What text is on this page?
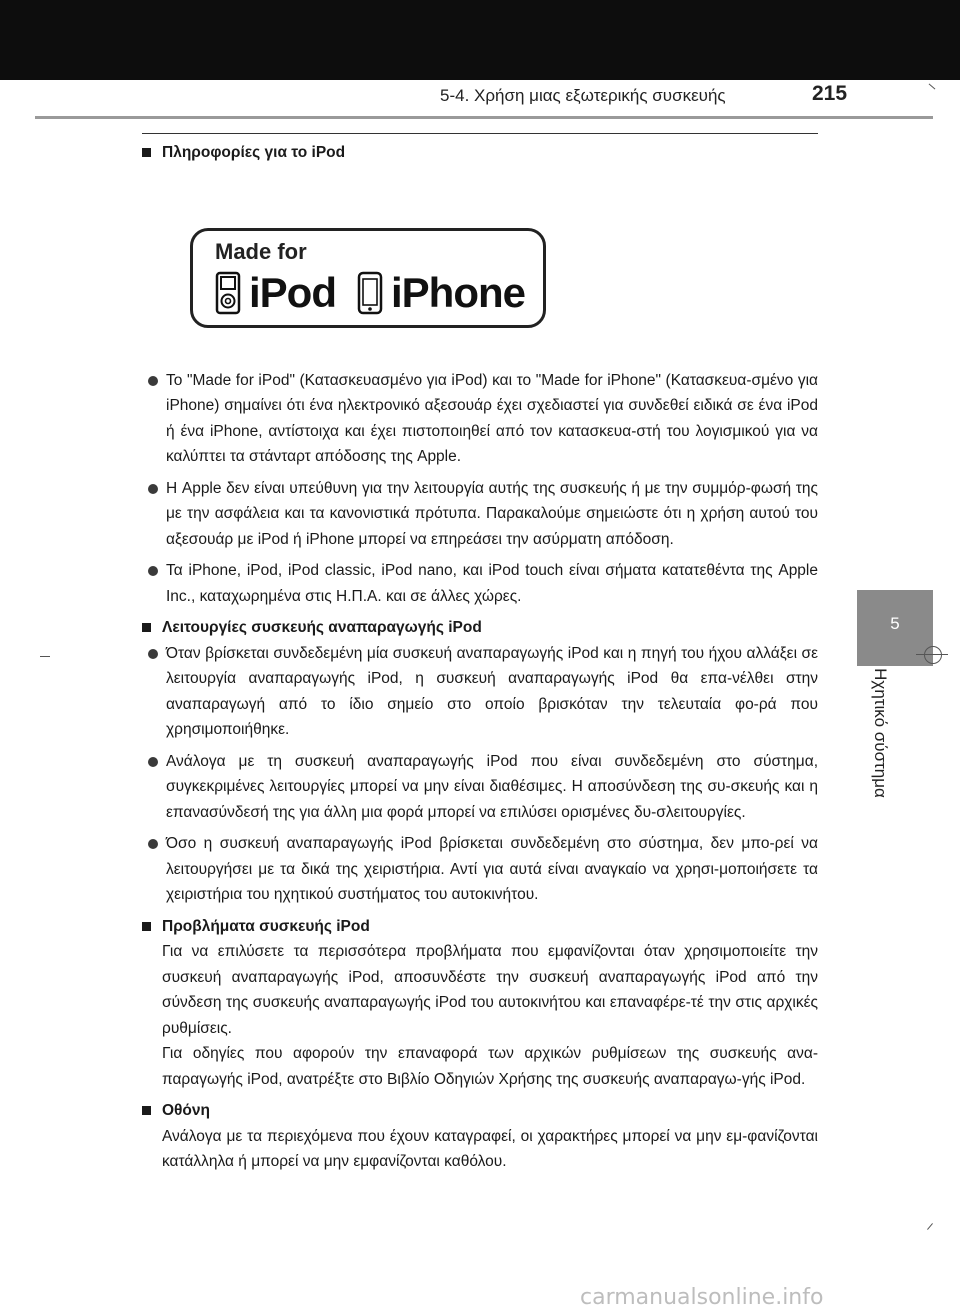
5-4. Χρήση μιας εξωτερικής συσκευής	215
5
Ηχητικό σύστημα
Made for
iPod iPhone
Πληροφορίες για το iPod
Το "Made for iPod" (Κατασκευασμένο για iPod) και το "Made for iPhone" (Κατασκευα-σμένο για iPhone) σημαίνει ότι ένα ηλεκτρονικό αξεσουάρ έχει σχεδιαστεί για συνδεθεί ειδικά σε ένα iPod ή ένα iPhone, αντίστοιχα και έχει πιστοποιηθεί από τον κατασκευα-στή του λογισμικού για να καλύπτει τα στάνταρτ απόδοσης της Apple.
Η Apple δεν είναι υπεύθυνη για την λειτουργία αυτής της συσκευής ή με την συμμόρ-φωσή της με την ασφάλεια και τα κανονιστικά πρότυπα. Παρακαλούμε σημειώστε ότι η χρήση αυτού του αξεσουάρ με iPod ή iPhone μπορεί να επηρεάσει την ασύρματη απόδοση.
Τα iPhone, iPod, iPod classic, iPod nano, και iPod touch είναι σήματα κατατεθέντα της Apple Inc., καταχωρημένα στις Η.Π.Α. και σε άλλες χώρες.
Λειτουργίες συσκευής αναπαραγωγής iPod
Όταν βρίσκεται συνδεδεμένη μία συσκευή αναπαραγωγής iPod και η πηγή του ήχου αλλάξει σε λειτουργία αναπαραγωγής iPod, η συσκευή αναπαραγωγής iPod θα επα-νέλθει στην αναπαραγωγή από το ίδιο σημείο στο οποίο βρισκόταν την τελευταία φο-ρά που χρησιμοποιήθηκε.
Ανάλογα με τη συσκευή αναπαραγωγής iPod που είναι συνδεδεμένη στο σύστημα, συγκεκριμένες λειτουργίες μπορεί να μην είναι διαθέσιμες. Η αποσύνδεση της συ-σκευής και η επανασύνδεσή της για άλλη μια φορά μπορεί να επιλύσει ορισμένες δυ-σλειτουργίες.
Όσο η συσκευή αναπαραγωγής iPod βρίσκεται συνδεδεμένη στο σύστημα, δεν μπο-ρεί να λειτουργήσει με τα δικά της χειριστήρια. Αντί για αυτά είναι αναγκαίο να χρησι-μοποιήσετε τα χειριστήρια του ηχητικού συστήματος του αυτοκινήτου.
Προβλήματα συσκευής iPod

Για να επιλύσετε τα περισσότερα προβλήματα που εμφανίζονται όταν χρησιμοποιείτε την συσκευή αναπαραγωγής iPod, αποσυνδέστε την συσκευή αναπαραγωγής iPod από την σύνδεση της συσκευής αναπαραγωγής iPod του αυτοκινήτου και επαναφέρε-τέ την στις αρχικές ρυθμίσεις.

Για οδηγίες που αφορούν την επαναφορά των αρχικών ρυθμίσεων της συσκευής ανα-παραγωγής iPod, ανατρέξτε στο Βιβλίο Οδηγιών Χρήσης της συσκευής αναπαραγω-γής iPod.

Οθόνη

Ανάλογα με τα περιεχόμενα που έχουν καταγραφεί, οι χαρακτήρες μπορεί να μην εμ-φανίζονται κατάλληλα ή μπορεί να μην εμφανίζονται καθόλου.

carmanualsonline.info
